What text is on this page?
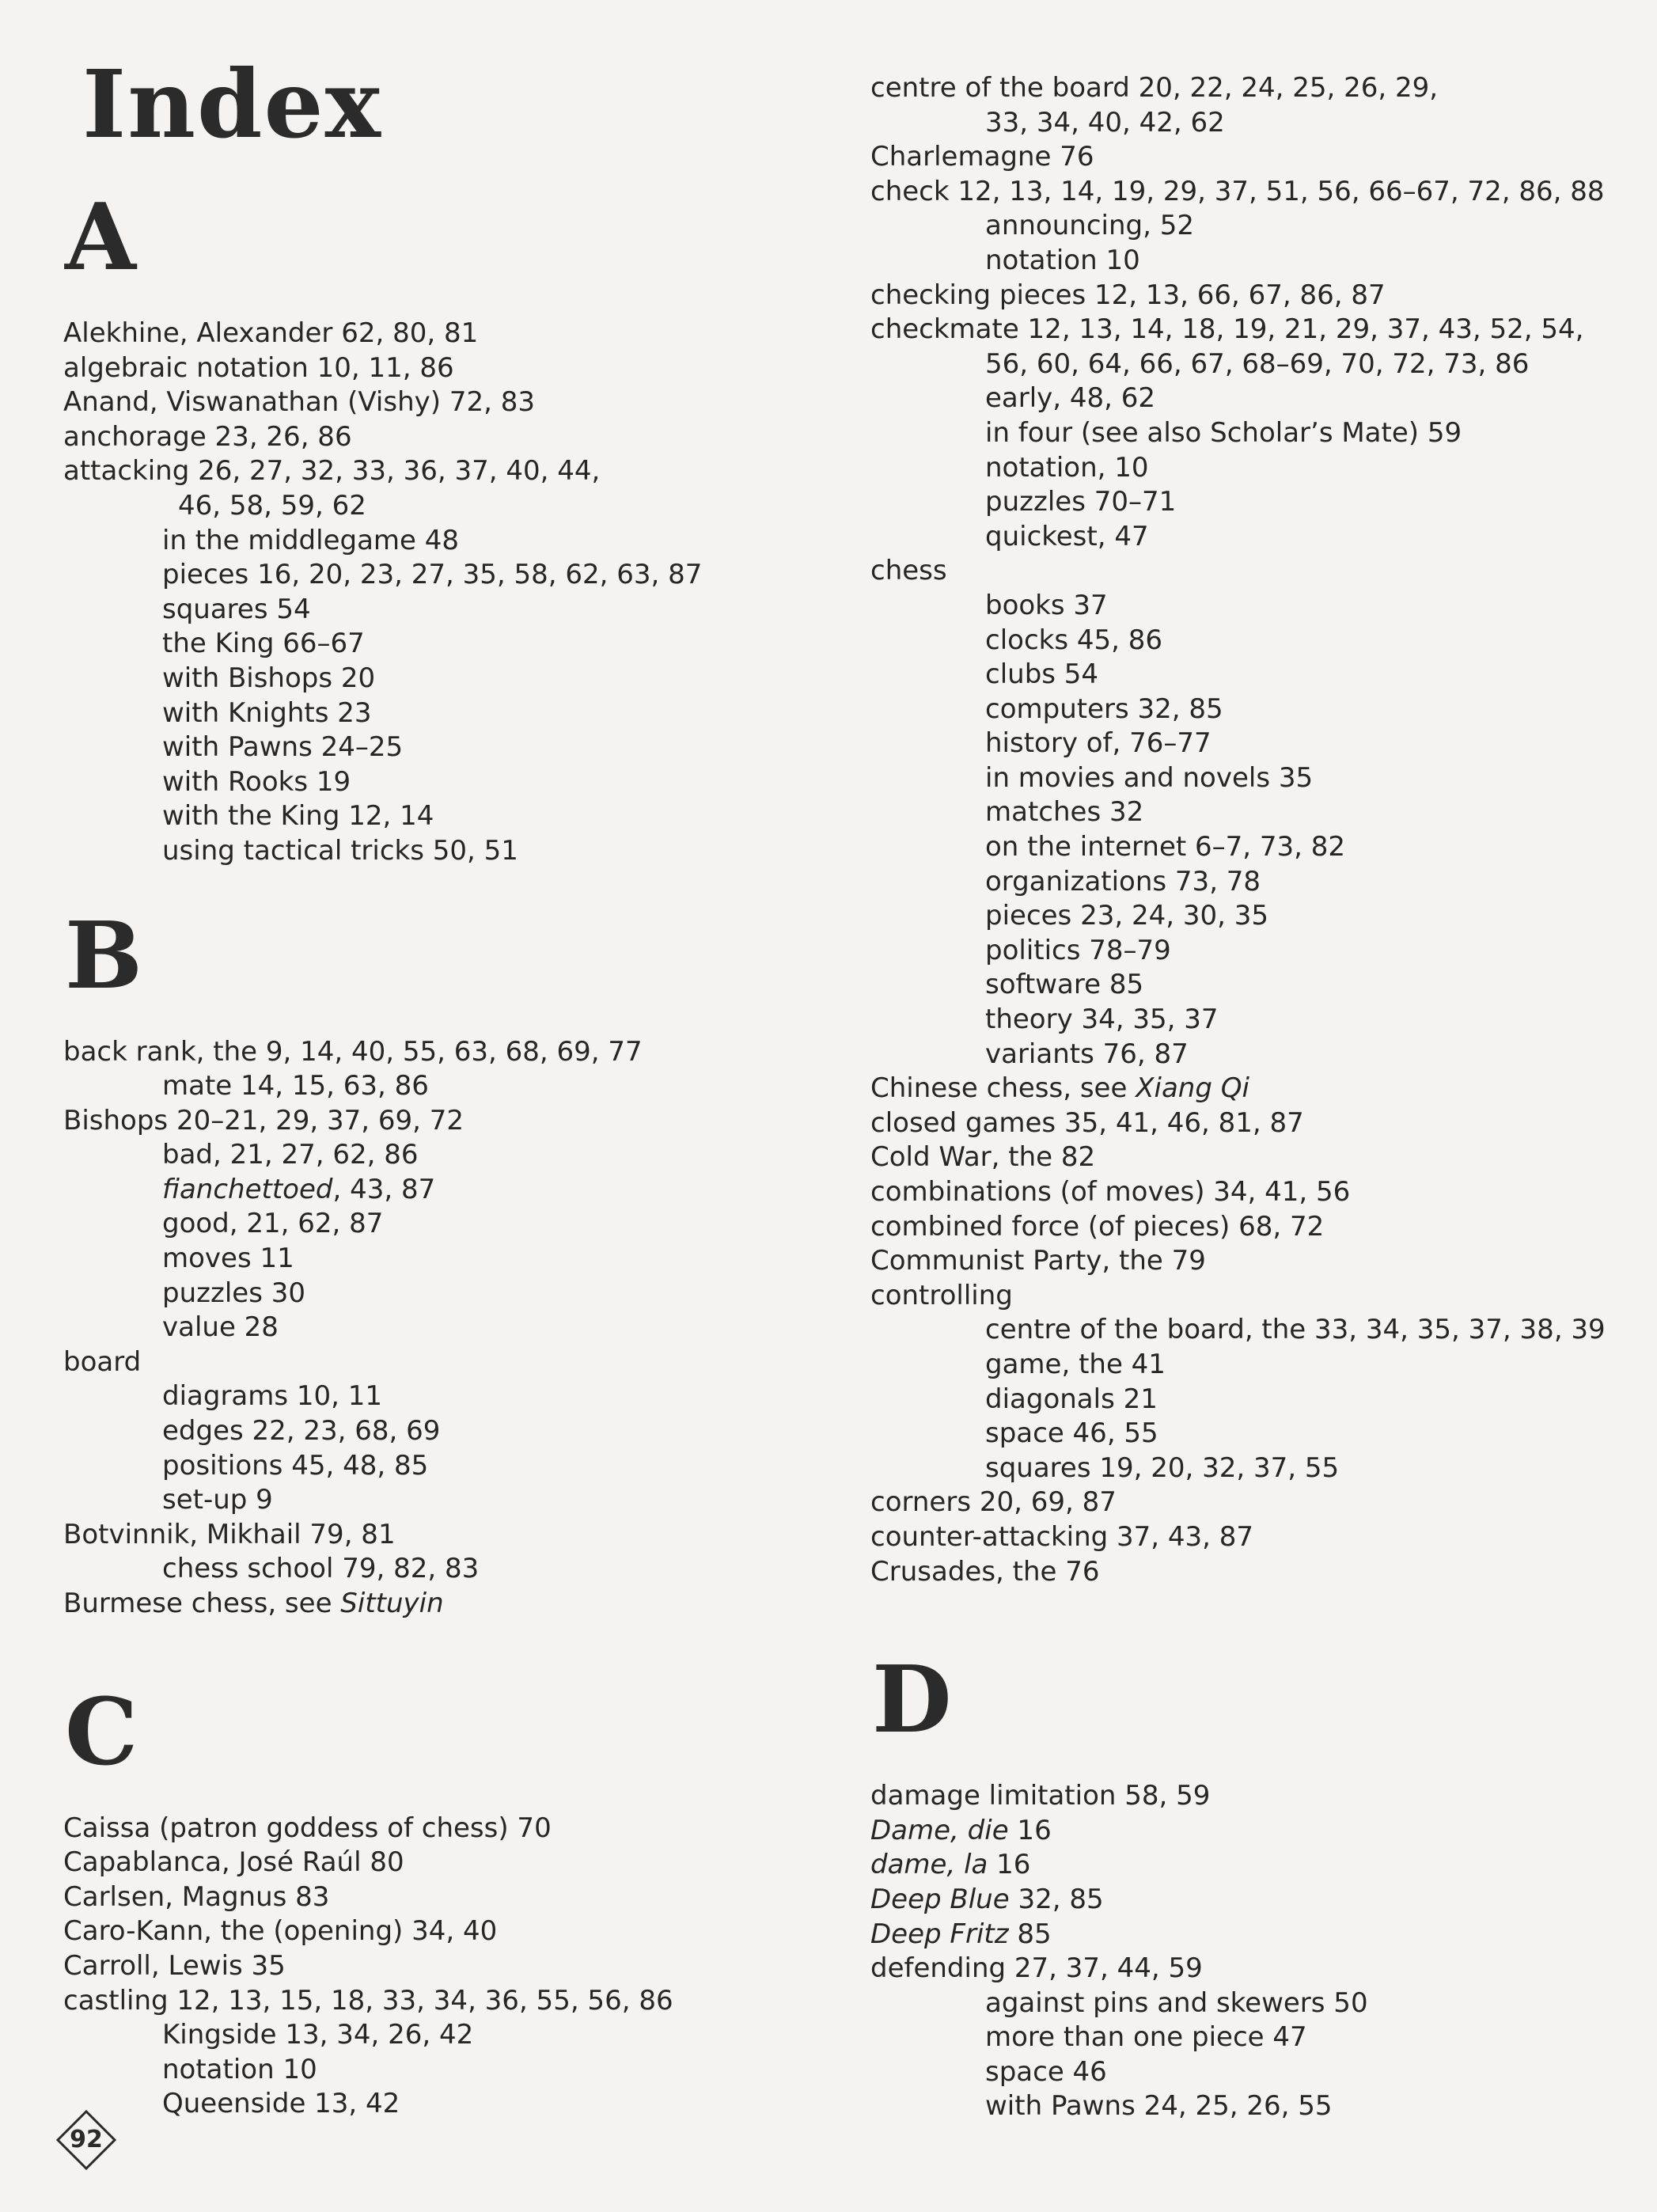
Index
A
Alekhine, Alexander 62, 80, 81
algebraic notation 10, 11, 86
Anand, Viswanathan (Vishy) 72, 83
anchorage 23, 26, 86
attacking 26, 27, 32, 33, 36, 37, 40, 44,
46, 58, 59, 62
in the middlegame 48
pieces 16, 20, 23, 27, 35, 58, 62, 63, 87
squares 54
the King 66–67
with Bishops 20
with Knights 23
with Pawns 24–25
with Rooks 19
with the King 12, 14
using tactical tricks 50, 51
B
back rank, the 9, 14, 40, 55, 63, 68, 69, 77
mate 14, 15, 63, 86
Bishops 20–21, 29, 37, 69, 72
bad, 21, 27, 62, 86
fianchettoed, 43, 87
good, 21, 62, 87
moves 11
puzzles 30
value 28
board
diagrams 10, 11
edges 22, 23, 68, 69
positions 45, 48, 85
set-up 9
Botvinnik, Mikhail 79, 81
chess school 79, 82, 83
Burmese chess, see Sittuyin
C
Caissa (patron goddess of chess) 70
Capablanca, José Raúl 80
Carlsen, Magnus 83
Caro-Kann, the (opening) 34, 40
Carroll, Lewis 35
castling 12, 13, 15, 18, 33, 34, 36, 55, 56, 86
Kingside 13, 34, 26, 42
notation 10
Queenside 13, 42
centre of the board 20, 22, 24, 25, 26, 29,
33, 34, 40, 42, 62
Charlemagne 76
check 12, 13, 14, 19, 29, 37, 51, 56, 66–67, 72, 86, 88
announcing, 52
notation 10
checking pieces 12, 13, 66, 67, 86, 87
checkmate 12, 13, 14, 18, 19, 21, 29, 37, 43, 52, 54,
56, 60, 64, 66, 67, 68–69, 70, 72, 73, 86
early, 48, 62
in four (see also Scholar’s Mate) 59
notation, 10
puzzles 70–71
quickest, 47
chess
books 37
clocks 45, 86
clubs 54
computers 32, 85
history of, 76–77
in movies and novels 35
matches 32
on the internet 6–7, 73, 82
organizations 73, 78
pieces 23, 24, 30, 35
politics 78–79
software 85
theory 34, 35, 37
variants 76, 87
Chinese chess, see Xiang Qi
closed games 35, 41, 46, 81, 87
Cold War, the 82
combinations (of moves) 34, 41, 56
combined force (of pieces) 68, 72
Communist Party, the 79
controlling
centre of the board, the 33, 34, 35, 37, 38, 39
game, the 41
diagonals 21
space 46, 55
squares 19, 20, 32, 37, 55
corners 20, 69, 87
counter-attacking 37, 43, 87
Crusades, the 76
D
damage limitation 58, 59
Dame, die 16
dame, la 16
Deep Blue 32, 85
Deep Fritz 85
defending 27, 37, 44, 59
against pins and skewers 50
more than one piece 47
space 46
with Pawns 24, 25, 26, 55
92
